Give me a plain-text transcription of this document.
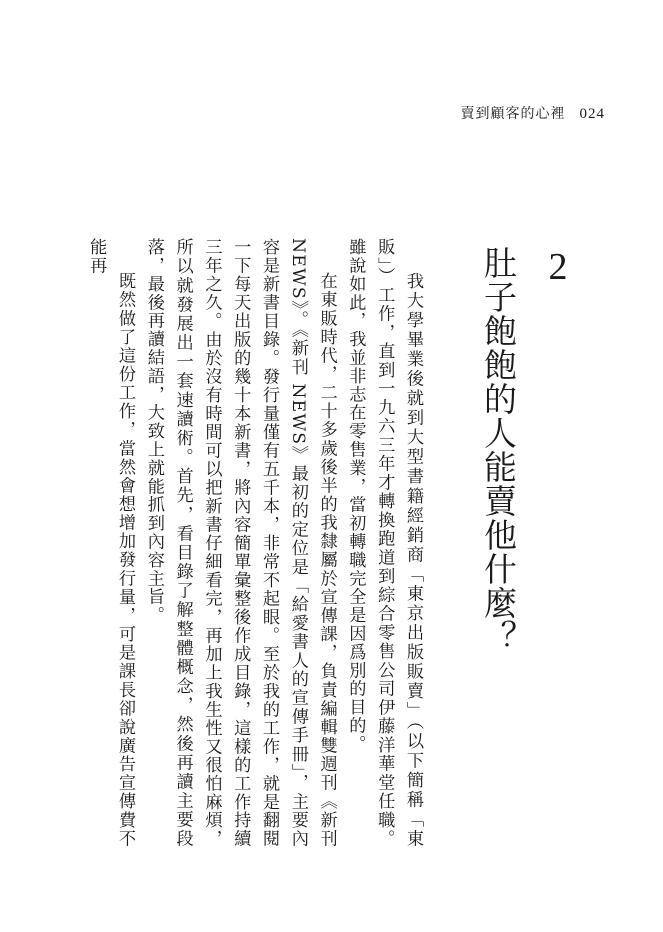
賣到顧客的心裡 024
2
肚子飽飽的人能賣他什麼？

我大學畢業後就到大型書籍經銷商「東京出版販賣」（以下簡稱「東販」）工作，直到一九六三年才轉換跑道到綜合零售公司伊藤洋華堂任職。雖說如此，我並非志在零售業，當初轉職完全是因爲別的目的。

在東販時代，二十多歲後半的我隸屬於宣傳課，負責編輯雙週刊《新刊NEWS》。《新刊 NEWS》最初的定位是「給愛書人的宣傳手冊」，主要內容是新書目錄。發行量僅有五千本，非常不起眼。至於我的工作，就是翻閱一下每天出版的幾十本新書，將內容簡單彙整後作成目錄，這樣的工作持續三年之久。由於沒有時間可以把新書仔細看完，再加上我生性又很怕麻煩，所以就發展出一套速讀術。首先，看目錄了解整體概念，然後再讀主要段落，最後再讀結語，大致上就能抓到內容主旨。

既然做了這份工作，當然會想增加發行量，可是課長卻說廣告宣傳費不能再
